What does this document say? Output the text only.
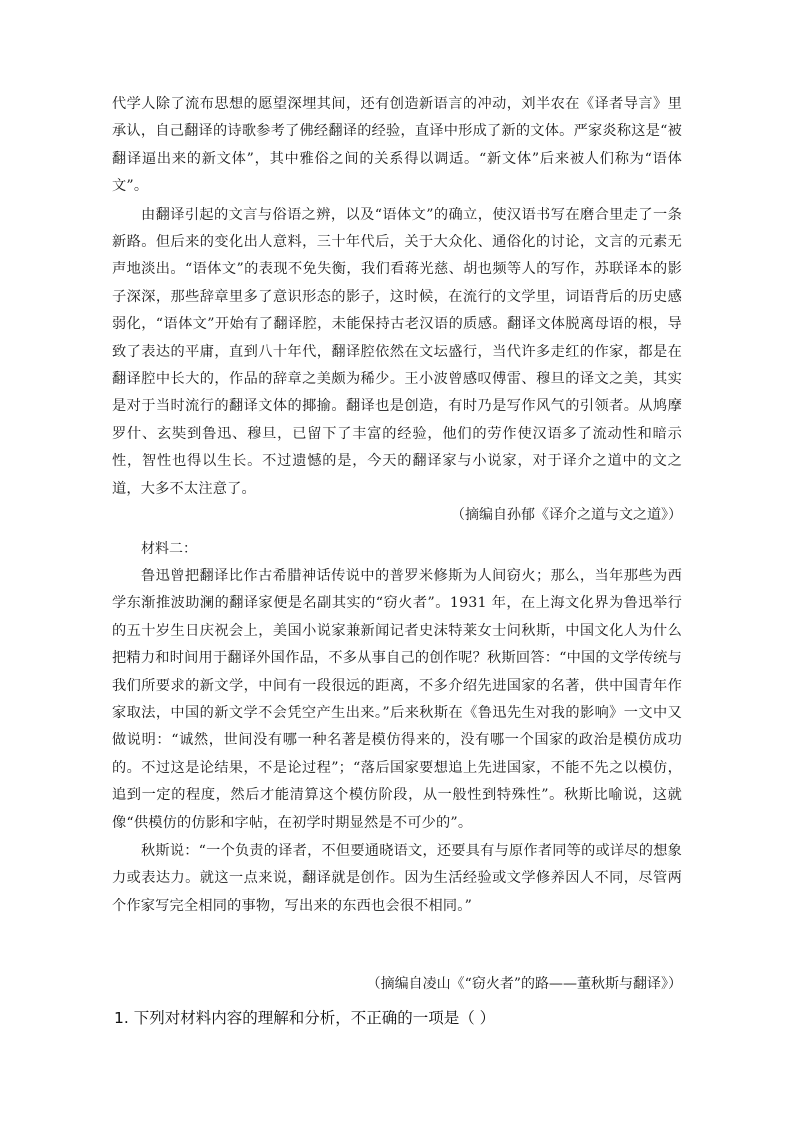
代学人除了流布思想的愿望深埋其间，还有创造新语言的冲动，刘半农在《译者导言》里承认，自己翻译的诗歌参考了佛经翻译的经验，直译中形成了新的文体。严家炎称这是“被翻译逼出来的新文体”，其中雅俗之间的关系得以调适。“新文体”后来被人们称为“语体文”。

由翻译引起的文言与俗语之辨，以及“语体文”的确立，使汉语书写在磨合里走了一条新路。但后来的变化出人意料，三十年代后，关于大众化、通俗化的讨论，文言的元素无声地淡出。“语体文”的表现不免失衡，我们看蒋光慈、胡也频等人的写作，苏联译本的影子深深，那些辞章里多了意识形态的影子，这时候，在流行的文学里，词语背后的历史感弱化，“语体文”开始有了翻译腔，未能保持古老汉语的质感。翻译文体脱离母语的根，导致了表达的平庸，直到八十年代，翻译腔依然在文坛盛行，当代许多走红的作家，都是在翻译腔中长大的，作品的辞章之美颇为稀少。王小波曾感叹傅雷、穆旦的译文之美，其实是对于当时流行的翻译文体的揶揄。翻译也是创造，有时乃是写作风气的引领者。从鸠摩罗什、玄奘到鲁迅、穆旦，已留下了丰富的经验，他们的劳作使汉语多了流动性和暗示性，智性也得以生长。不过遗憾的是，今天的翻译家与小说家，对于译介之道中的文之道，大多不太注意了。

（摘编自孙郁《译介之道与文之道》）
材料二：

鲁迅曾把翻译比作古希腊神话传说中的普罗米修斯为人间窃火；那么，当年那些为西学东渐推波助澜的翻译家便是名副其实的“窃火者”。1931 年，在上海文化界为鲁迅举行的五十岁生日庆祝会上，美国小说家兼新闻记者史沫特莱女士问秋斯，中国文化人为什么把精力和时间用于翻译外国作品，不多从事自己的创作呢？秋斯回答：“中国的文学传统与我们所要求的新文学，中间有一段很远的距离，不多介绍先进国家的名著，供中国青年作家取法，中国的新文学不会凭空产生出来。”后来秋斯在《鲁迅先生对我的影响》一文中又做说明：“诚然，世间没有哪一种名著是模仿得来的，没有哪一个国家的政治是模仿成功的。不过这是论结果，不是论过程”；“落后国家要想追上先进国家，不能不先之以模仿，追到一定的程度，然后才能清算这个模仿阶段，从一般性到特殊性”。秋斯比喻说，这就像“供模仿的仿影和字帖，在初学时期显然是不可少的”。

秋斯说：“一个负责的译者，不但要通晓语文，还要具有与原作者同等的或详尽的想象力或表达力。就这一点来说，翻译就是创作。因为生活经验或文学修养因人不同，尽管两个作家写完全相同的事物，写出来的东西也会很不相同。”

（摘编自凌山《“窃火者”的路——董秋斯与翻译》）
1. 下列对材料内容的理解和分析，不正确的一项是（ ）
